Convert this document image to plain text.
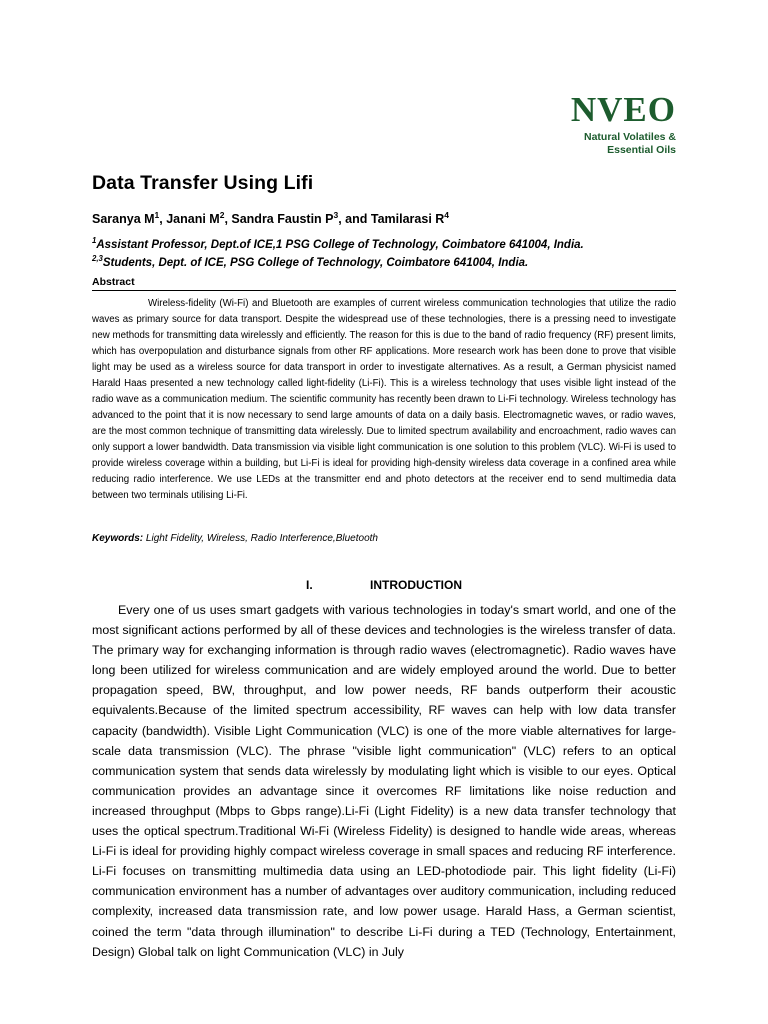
NVEO
Natural Volatiles &
Essential Oils
Data Transfer Using Lifi
Saranya $M^1$, Janani $M^2$, Sandra Faustin $P^3$, and Tamilarasi $R^4$
$^1$Assistant Professor, Dept.of ICE,1 PSG College of Technology, Coimbatore 641004, India.
$^{2,3}$Students, Dept. of ICE, PSG College of Technology, Coimbatore 641004, India.
Abstract
Wireless-fidelity (Wi-Fi) and Bluetooth are examples of current wireless communication technologies that utilize the radio waves as primary source for data transport. Despite the widespread use of these technologies, there is a pressing need to investigate new methods for transmitting data wirelessly and efficiently. The reason for this is due to the band of radio frequency (RF) present limits, which has overpopulation and disturbance signals from other RF applications. More research work has been done to prove that visible light may be used as a wireless source for data transport in order to investigate alternatives. As a result, a German physicist named Harald Haas presented a new technology called light-fidelity (Li-Fi). This is a wireless technology that uses visible light instead of the radio wave as a communication medium. The scientific community has recently been drawn to Li-Fi technology. Wireless technology has advanced to the point that it is now necessary to send large amounts of data on a daily basis. Electromagnetic waves, or radio waves, are the most common technique of transmitting data wirelessly. Due to limited spectrum availability and encroachment, radio waves can only support a lower bandwidth. Data transmission via visible light communication is one solution to this problem (VLC). Wi-Fi is used to provide wireless coverage within a building, but Li-Fi is ideal for providing high-density wireless data coverage in a confined area while reducing radio interference. We use LEDs at the transmitter end and photo detectors at the receiver end to send multimedia data between two terminals utilising Li-Fi.
Keywords: Light Fidelity, Wireless, Radio Interference,Bluetooth
I.	INTRODUCTION
Every one of us uses smart gadgets with various technologies in today's smart world, and one of the most significant actions performed by all of these devices and technologies is the wireless transfer of data. The primary way for exchanging information is through radio waves (electromagnetic). Radio waves have long been utilized for wireless communication and are widely employed around the world. Due to better propagation speed, BW, throughput, and low power needs, RF bands outperform their acoustic equivalents.Because of the limited spectrum accessibility, RF waves can help with low data transfer capacity (bandwidth). Visible Light Communication (VLC) is one of the more viable alternatives for large-scale data transmission (VLC). The phrase "visible light communication" (VLC) refers to an optical communication system that sends data wirelessly by modulating light which is visible to our eyes. Optical communication provides an advantage since it overcomes RF limitations like noise reduction and increased throughput (Mbps to Gbps range).Li-Fi (Light Fidelity) is a new data transfer technology that uses the optical spectrum.Traditional Wi-Fi (Wireless Fidelity) is designed to handle wide areas, whereas Li-Fi is ideal for providing highly compact wireless coverage in small spaces and reducing RF interference. Li-Fi focuses on transmitting multimedia data using an LED-photodiode pair. This light fidelity (Li-Fi) communication environment has a number of advantages over auditory communication, including reduced complexity, increased data transmission rate, and low power usage. Harald Hass, a German scientist, coined the term "data through illumination" to describe Li-Fi during a TED (Technology, Entertainment, Design) Global talk on light Communication (VLC) in July
